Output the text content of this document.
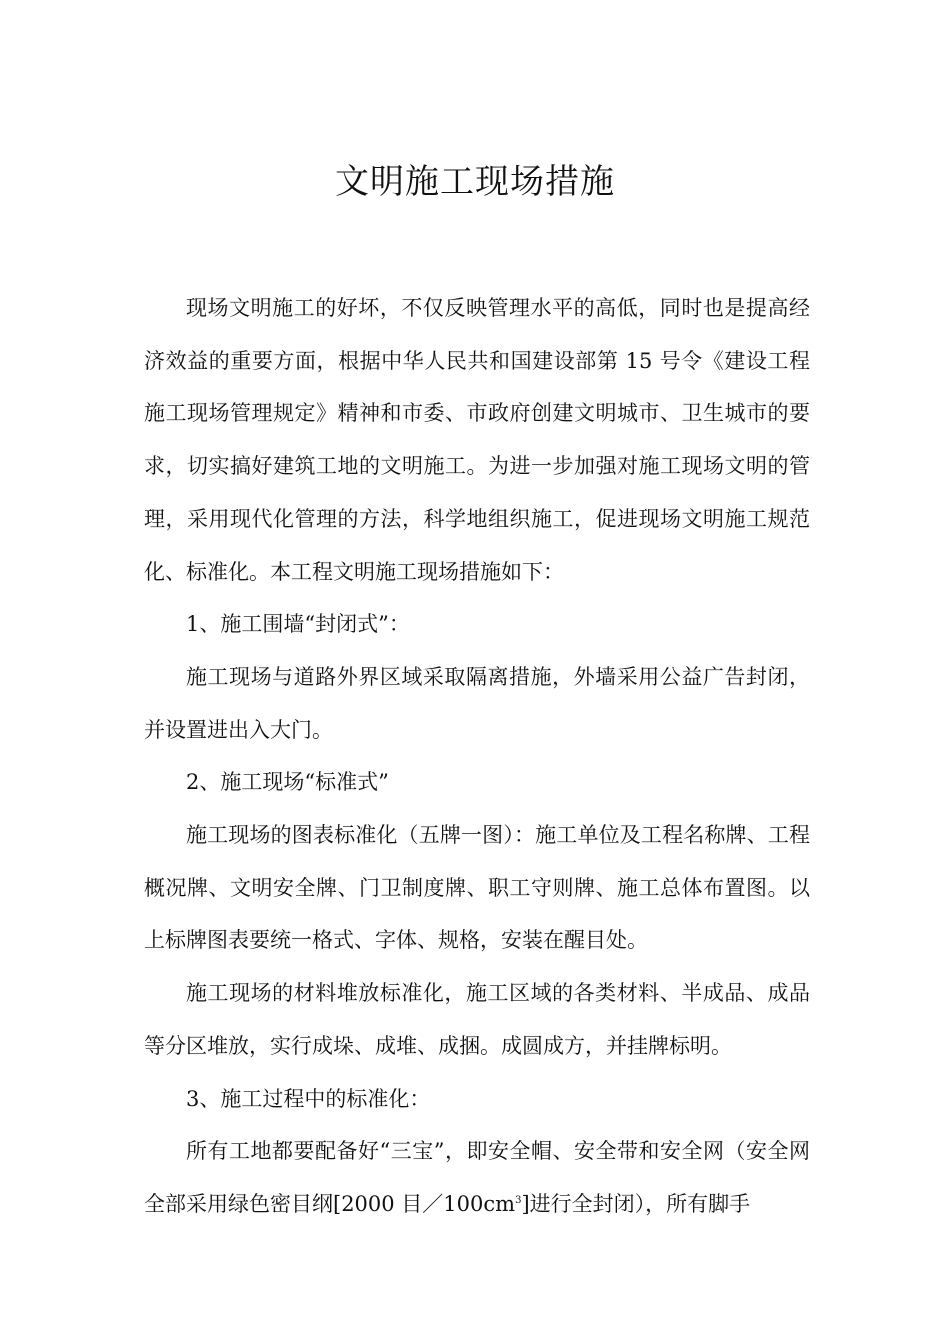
文明施工现场措施

现场文明施工的好坏，不仅反映管理水平的高低，同时也是提高经济效益的重要方面，根据中华人民共和国建设部第 15 号令《建设工程施工现场管理规定》精神和市委、市政府创建文明城市、卫生城市的要求，切实搞好建筑工地的文明施工。为进一步加强对施工现场文明的管理，采用现代化管理的方法，科学地组织施工，促进现场文明施工规范化、标准化。本工程文明施工现场措施如下：

1、施工围墙“封闭式”：

施工现场与道路外界区域采取隔离措施，外墙采用公益广告封闭，并设置进出入大门。

2、施工现场“标准式”

施工现场的图表标准化（五牌一图）：施工单位及工程名称牌、工程概况牌、文明安全牌、门卫制度牌、职工守则牌、施工总体布置图。以上标牌图表要统一格式、字体、规格，安装在醒目处。

施工现场的材料堆放标准化，施工区域的各类材料、半成品、成品等分区堆放，实行成垛、成堆、成捆。成圆成方，并挂牌标明。

3、施工过程中的标准化：

所有工地都要配备好“三宝”，即安全帽、安全带和安全网（安全网全部采用绿色密目纲[2000 目$/100cm^3$]进行全封闭），所有脚手
